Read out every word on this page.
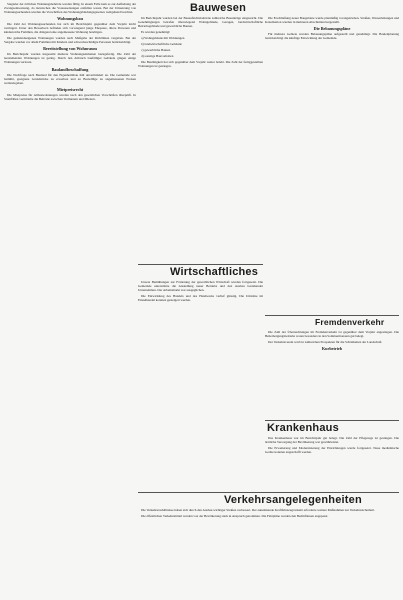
Siegtaler der örtlichen Wohnungsbehörde werden fällig. In einem Falle kam es zur Aufhebung der Zwangseinweisung, da inzwischen die Voraussetzungen entfallen waren. Bei der Umsetzung von Wohnungsuchenden wurden die Vorschriften des Wohnungsbindungsgesetzes weitgehend beachtet.

Wohnungsbau

Die Zahl der Wohnungssuchenden hat sich im Berichtsjahr gegenüber dem Vorjahr leicht verringert. Unter den Bewerbern befinden sich vorwiegend junge Ehepaare, ältere Personen und kinderreiche Familien, die dringend eine angemessene Wohnung benötigen.

Die gemeindeeigenen Wohnungen wurden nach Maßgabe der Richtlinien vergeben. Bei der Vergabe wurden vor allem Familien mit Kindern und schwerbeschädigte Personen berücksichtigt.

Bereitstellung von Wohnraum

Im Berichtsjahr wurden insgesamt mehrere Wohnungseinheiten bezugsfertig. Die Zahl der leerstehenden Wohnungen ist gering. Durch den Abbruch baufälliger Gebäude gingen einige Wohnungen verloren.

Baulandbeschaffung

Die Nachfrage nach Bauland für den Eigenheimbau hält unvermindert an. Die Gemeinde war bemüht, geeignete Grundstücke zu erwerben und an Bauwillige zu angemessenen Preisen weiterzugeben.

Mietpreisrecht

Die Mietpreise für Altbauwohnungen wurden nach den gesetzlichen Vorschriften überprüft. In Streitfällen vermittelte die Behörde zwischen Vermietern und Mietern.

Bauwesen
Wirtschaftliches
Fremdenverkehr
Krankenhaus
Verkehrsangelegenheiten

Im Berichtsjahr wurden bei der Bauaufsichtsbehörde zahlreiche Bauanträge eingereicht. Die Genehmigungen betrafen überwiegend Wohngebäude, Garagen, landwirtschaftliche Betriebsgebäude und gewerbliche Bauten.

Es wurden genehmigt:

a) Wohngebäude mit Wohnungen

b) landwirtschaftliche Gebäude

c) gewerbliche Bauten

d) sonstige Bauvorhaben

Die Bautätigkeit hat sich gegenüber dem Vorjahr weiter belebt. Die Zahl der fertiggestellten Wohnungen ist gestiegen.

Unsere Bemühungen zur Förderung der gewerblichen Wirtschaft wurden fortgesetzt. Die Gemeinde unterstützte die Ansiedlung neuer Betriebe und den Ausbau bestehender Unternehmen. Der Arbeitsmarkt war ausgeglichen.

Die Entwicklung des Handels und des Handwerks verlief günstig. Die Umsätze im Einzelhandel konnten gesteigert werden.

Die Erschließung neuer Baugebiete wurde planmäßig vorangetrieben. Straßen, Wasserleitungen und Kanalisation wurden in mehreren Abschnitten hergestellt.

Die Bebauungspläne

Für mehrere Gebiete wurden Bebauungspläne aufgestellt und genehmigt. Die Bauleitplanung berücksichtigt die künftige Entwicklung der Gemeinde.

Die Zahl der Übernachtungen im Fremdenverkehr ist gegenüber dem Vorjahr angestiegen. Die Beherbergungsbetriebe waren besonders in den Sommermonaten gut belegt.

Der Verkehrsverein warb in zahlreichen Prospekten für die Schönheiten der Landschaft.

Kurbetrieb

Das Krankenhaus war im Berichtsjahr gut belegt. Die Zahl der Pflegetage ist gestiegen. Die ärztliche Versorgung der Bevölkerung war gewährleistet.

Die Erweiterung und Modernisierung der Einrichtungen wurde fortgesetzt. Neue medizinische Geräte konnten angeschafft werden.

Die Verkehrsverhältnisse haben sich durch den Ausbau wichtiger Straßen verbessert. Der zunehmende Kraftfahrzeugverkehr erforderte weitere Maßnahmen zur Verkehrssicherheit.

Die öffentlichen Verkehrsmittel wurden von der Bevölkerung stark in Anspruch genommen. Die Fahrpläne wurden den Bedürfnissen angepasst.
